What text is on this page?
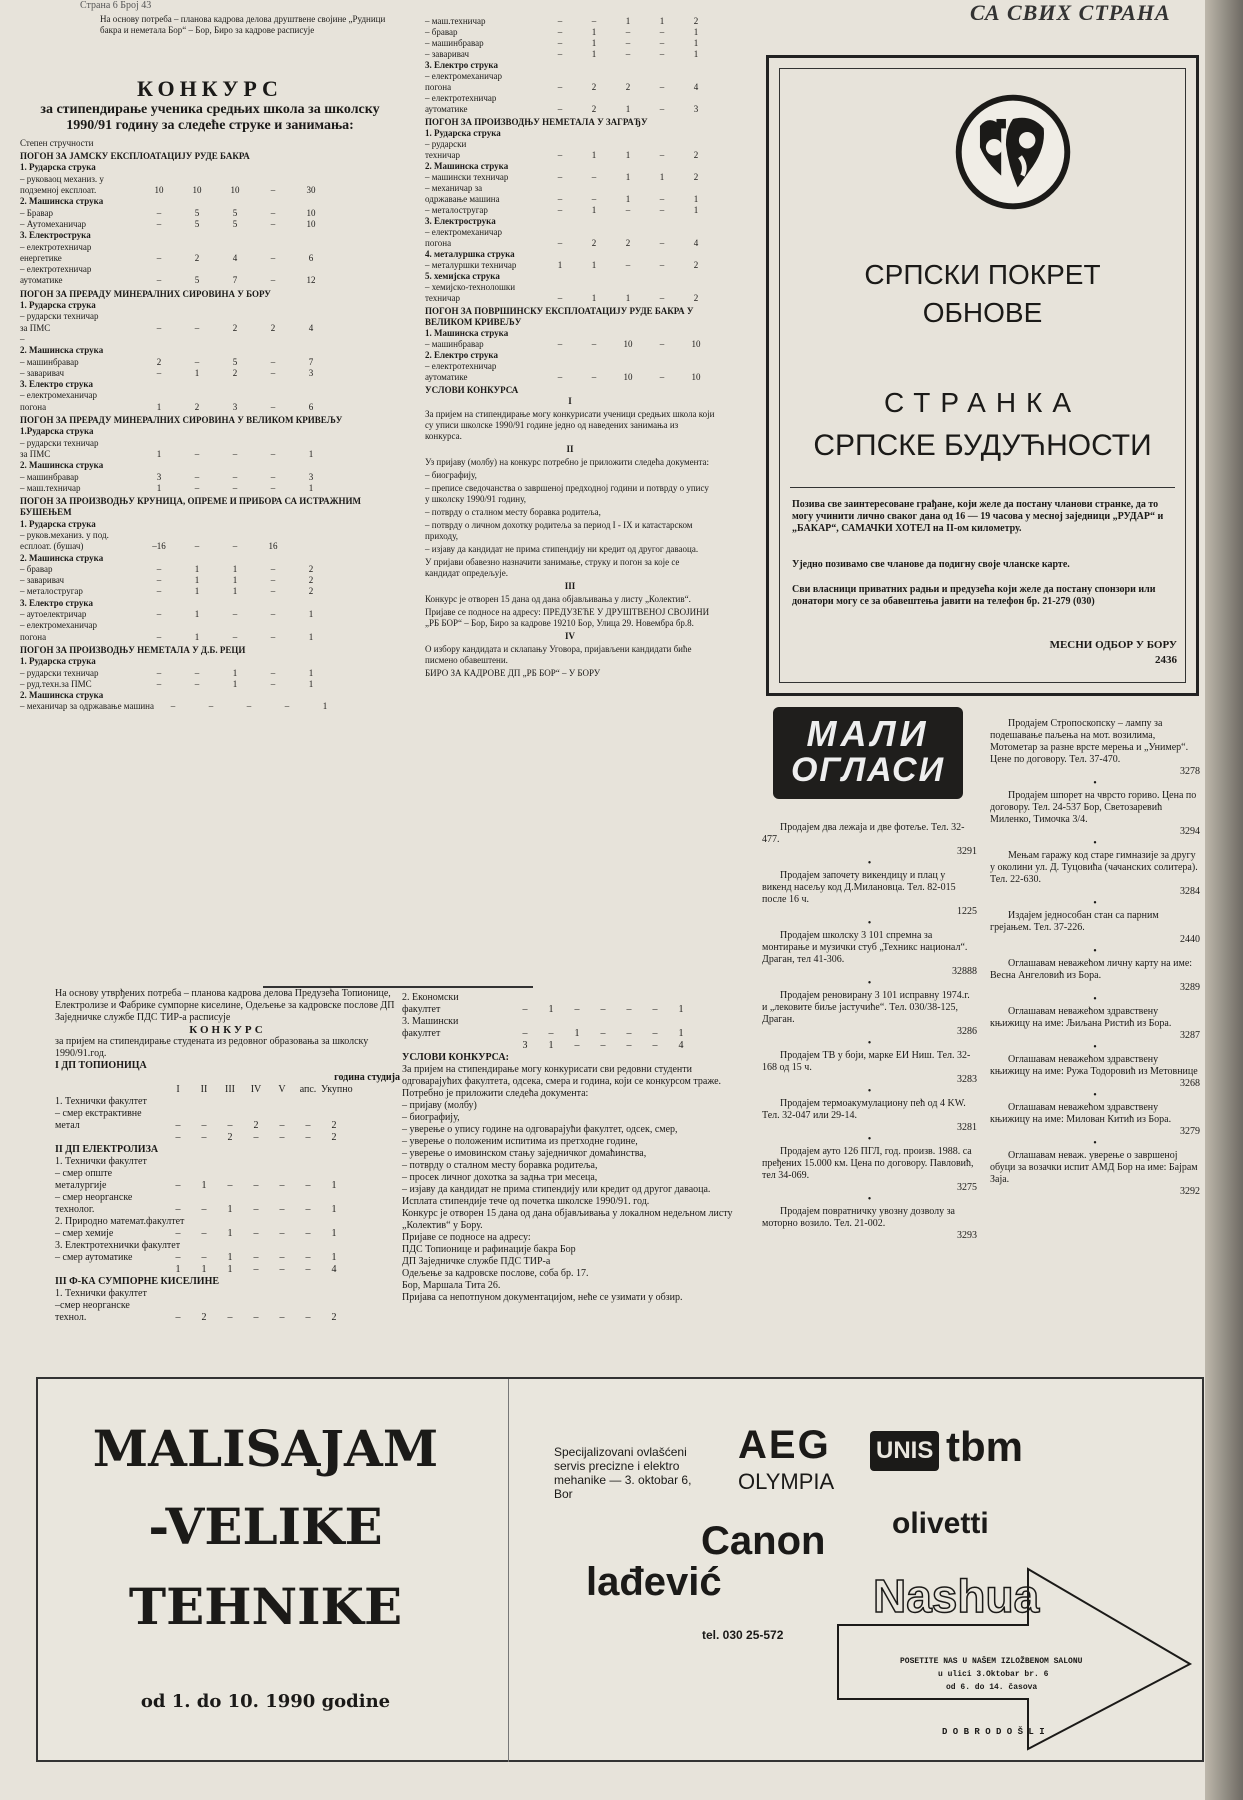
Страна 6 Број 43	СА СВИХ СТРАНА
На основу потреба – планова кадрова делова друштвене својине „Рудници бакра и неметала Бор“ – Бор, Биро за кадрове расписује
КОНКУРС
за стипендирање ученика средњих школа за школску 1990/91 годину за следеће струке и занимања:
Степен стручности
ПОГОН ЗА ЈАМСКУ ЕКСПЛОАТАЦИЈУ РУДЕ БАКРА
1. Рударска струка
– руковаоц механиз. у
подземној експлоат.	10	10	10	–	30
2. Машинска струка
– Бравар	–	5	5	–	10
– Аутомеханичар	–	5	5	–	10
3. Електрострука
– електротехничар
енергетике	–	2	4	–	6
– електротехничар
аутоматике	–	5	7	–	12
ПОГОН ЗА ПРЕРАДУ МИНЕРАЛНИХ СИРОВИНА У БОРУ
1. Рударска струка
– рударски техничар
за ПМС	–	–	2	2	4
–
2. Машинска струка
– машинбравар	2	–	5	–	7
– заваривач	–	1	2	–	3
3. Електро струка
– електромеханичар
погона	1	2	3	–	6
ПОГОН ЗА ПРЕРАДУ МИНЕРАЛНИХ СИРОВИНА У ВЕЛИКОМ КРИВЕЉУ
1.Рударска струка
– рударски техничар
за ПМС	1	–	–	–	1
2. Машинска струка
– машинбравар	3	–	–	–	3
– маш.техничар	1	–	–	–	1
ПОГОН ЗА ПРОИЗВОДЊУ КРУНИЦА, ОПРЕМЕ И ПРИБОРА СА ИСТРАЖНИМ БУШЕЊЕМ
1. Рударска струка
– руков.механиз. у под.
есплоат. (бушач)	–16	–	–	16
2. Машинска струка
– бравар	–	1	1	–	2
– заваривач	–	1	1	–	2
– металостругар	–	1	1	–	2
3. Електро струка
– аутоелектричар	–	1	–	–	1
– електромеханичар
погона	–	1	–	–	1
ПОГОН ЗА ПРОИЗВОДЊУ НЕМЕТАЛА У Д.Б. РЕЦИ
1. Рударска струка
– рударски техничар	–	–	1	–	1
– руд.техн.за ПМС	–	–	1	–	1
2. Машинска струка
– механичар за одржавање машина	–	–	–	–	1
– маш.техничар	–	–	1	1	2
– бравар	–	1	–	–	1
– машинбравар	–	1	–	–	1
– заваривач	–	1	–	–	1
3. Електро струка
– електромеханичар
погона	–	2	2	–	4
– електротехничар
аутоматике	–	2	1	–	3
ПОГОН ЗА ПРОИЗВОДЊУ НЕМЕТАЛА У ЗАГРАЂУ
1. Рударска струка
– рударски
техничар	–	1	1	–	2
2. Машинска струка
– машински техничар	–	–	1	1	2
– механичар за
одржавање машина	–	–	1	–	1
– металостругар	–	1	–	–	1
3. Електрострука
– електромеханичар
погона	–	2	2	–	4
4. металуршка струка
– металуршки техничар	1	1	–	–	2
5. хемијска струка
– хемијско-технолошки
техничар	–	1	1	–	2
ПОГОН ЗА ПОВРШИНСКУ ЕКСПЛОАТАЦИЈУ РУДЕ БАКРА У ВЕЛИКОМ КРИВЕЉУ
1. Машинска струка
– машинбравар	–	–	10	–	10
2. Електро струка
– електротехничар
аутоматике	–	–	10	–	10
УСЛОВИ КОНКУРСА
I
За пријем на стипендирање могу конкурисати ученици средњих школа који су уписи школске 1990/91 године једно од наведених занимања из конкурса.
II
Уз пријаву (молбу) на конкурс потребно је приложити следећа документа:
– биографију,
– преписе сведочанства о завршеној предходној години и потврду о упису у школску 1990/91 годину,
– потврду о сталном месту боравка родитеља,
– потврду о личном дохотку родитеља за период I - IX и катастарском приходу,
– изјаву да кандидат не прима стипендију ни кредит од другог даваоца.
У пријави обавезно назначити занимање, струку и погон за које се кандидат опредељује.
III
Конкурс је отворен 15 дана од дана објављивања у листу „Колектив“.
Пријаве се подносе на адресу: ПРЕДУЗЕЋЕ У ДРУШТВЕНОЈ СВОЈИНИ „РБ БОР“ – Бор, Биро за кадрове 19210 Бор, Улица 29. Новембра бр.8.
IV
О избору кандидата и склапању Уговора, пријављени кандидати биће писмено обавештени.
БИРО ЗА КАДРОВЕ ДП „РБ БОР“ – У БОРУ
На основу утврђених потреба – планова кадрова делова Предузећа Топионице, Електролизе и Фабрике сумпорне киселине, Одељење за кадровске послове ДП Заједничке службе ПДС ТИР-а расписује
КОНКУРС
за пријем на стипендирање студената из редовног образовања за школску 1990/91.год.
I ДП ТОПИОНИЦА
година студија
I	II	III	IV	V	апс. Укупно
1. Технички факултет
– смер екстрактивне
метал	–	–	–	2	–	–	2
–	–	2	–	–	–	2
II ДП ЕЛЕКТРОЛИЗА
1. Технички факултет
– смер опште
металургије	–	1	–	–	–	–	1
– смер неорганске
технолог.	–	–	1	–	–	–	1
2. Природно математ.факултет
– смер хемије	–	–	1	–	–	–	1
3. Електротехнички факултет
– смер аутоматике	–	–	1	–	–	–	1
1	1	1	–	–	–	4
III Ф-КА СУМПОРНЕ КИСЕЛИНЕ
1. Технички факултет
–смер неорганске
технол.	–	2	–	–	–	–	2
2. Економски
факултет	–	1	–	–	–	–	1
3. Машински
факултет	–	–	1	–	–	–	1
3	1	–	–	–	–	4
УСЛОВИ КОНКУРСА:
За пријем на стипендирање могу конкурисати сви редовни студенти одговарајућих факултета, одсека, смера и година, који се конкурсом траже.
Потребно је приложити следећа документа:
– пријаву (молбу)
– биографију,
– уверење о упису године на одговарајући факултет, одсек, смер,
– уверење о положеним испитима из претходне године,
– уверење о имовинском стању заједничког домаћинства,
– потврду о сталном месту боравка родитеља,
– просек личног дохотка за задња три месеца,
– изјаву да кандидат не прима стипендију или кредит од другог даваоца.
Исплата стипендије тече од почетка школске 1990/91. год.
Конкурс је отворен 15 дана од дана објављивања у локалном недељном листу „Колектив“ у Бору.
Пријаве се подносе на адресу:
ПДС Топионице и рафинације бакра Бор
ДП Заједничке службе ПДС ТИР-а
Одељење за кадровске послове, соба бр. 17.
Бор, Маршала Тита 26.
Пријава са непотпуном документацијом, неће се узимати у обзир.
СРПСКИ ПОКРЕТ
ОБНОВЕ
СТРАНКА
СРПСКЕ БУДУЋНОСТИ
Позива све заинтересоване грађане, који желе да постану чланови странке, да то могу учинити лично сваког дана од 16 — 19 часова у месној заједници „РУДАР“ и „БАКАР“, САМАЧКИ ХОТЕЛ на II-ом километру.
Уједно позивамо све чланове да подигну своје чланске карте.
Сви власници приватних радњи и предузећа који желе да постану спонзори или донатори могу се за обавештења јавити на телефон бр. 21-279 (030)
МЕСНИ ОДБОР У БОРУ
2436
МАЛИ
ОГЛАСИ
Продајем два лежаја и две фотеље. Тел. 32-477.
3291
•
Продајем започету викендицу и плац у викенд насељу код Д.Милановца. Тел. 82-015 после 16 ч.
1225
•
Продајем школску 3 101 спремна за монтирање и музички стуб „Техникс национал“. Драган, тел 41-306.
32888
•
Продајем реновирану 3 101 исправну 1974.г. и „лековите биље јастучиће“. Тел. 030/38-125, Драган.
3286
•
Продајем ТВ у боји, марке ЕИ Ниш. Тел. 32-168 од 15 ч.
3283
•
Продајем термоакумулациону пећ од 4 KW. Тел. 32-047 или 29-14.
3281
•
Продајем ауто 126 ПГЛ, год. произв. 1988. са пређених 15.000 км. Цена по договору. Павловић, тел 34-069.
3275
•
Продајем повратничку увозну дозволу за моторно возило. Тел. 21-002.
3293
Продајем Стропоскопску – лампу за подешавање паљења на мот. возилима, Мотометар за разне врсте мерења и „Унимер“. Цене по договору. Тел. 37-470.
3278
•
Продајем шпорет на чврсто гориво. Цена по договору. Тел. 24-537 Бор, Светозаревић Миленко, Тимочка 3/4.
3294
•
Мењам гаражу код старе гимназије за другу у околини ул. Д. Туцовића (чачанских солитера). Тел. 22-630.
3284
•
Издајем једнособан стан са парним грејањем. Тел. 37-226.
2440
•
Оглашавам неважећом личну карту на име: Весна Ангеловић из Бора.
3289
•
Оглашавам неважећом здравствену књижицу на име: Љиљана Ристић из Бора.
3287
•
Оглашавам неважећом здравствену књижицу на име: Ружа Тодоровић из Метовнице
3268
•
Оглашавам неважећом здравствену књижицу на име: Милован Китић из Бора.
3279
•
Оглашавам неваж. уверење о завршеној обуци за возачки испит АМД Бор на име: Бајрам Заја.
3292
MALISAJAM
-VELIKE
TEHNIKE
od 1. do 10. 1990 godine
Specijalizovani ovlašćeni servis precizne i elektro mehanike — 3. oktobar 6, Bor
AEG
OLYMPIA
UNIS tbm
olivetti
Canon
lađević	Nashua
tel. 030 25-572
POSETITE NAS U NAŠEM IZLOŽBENOM SALONU
u ulici 3.Oktobar br. 6
od 6. do 14. časova
D O B R O D O Š L I
